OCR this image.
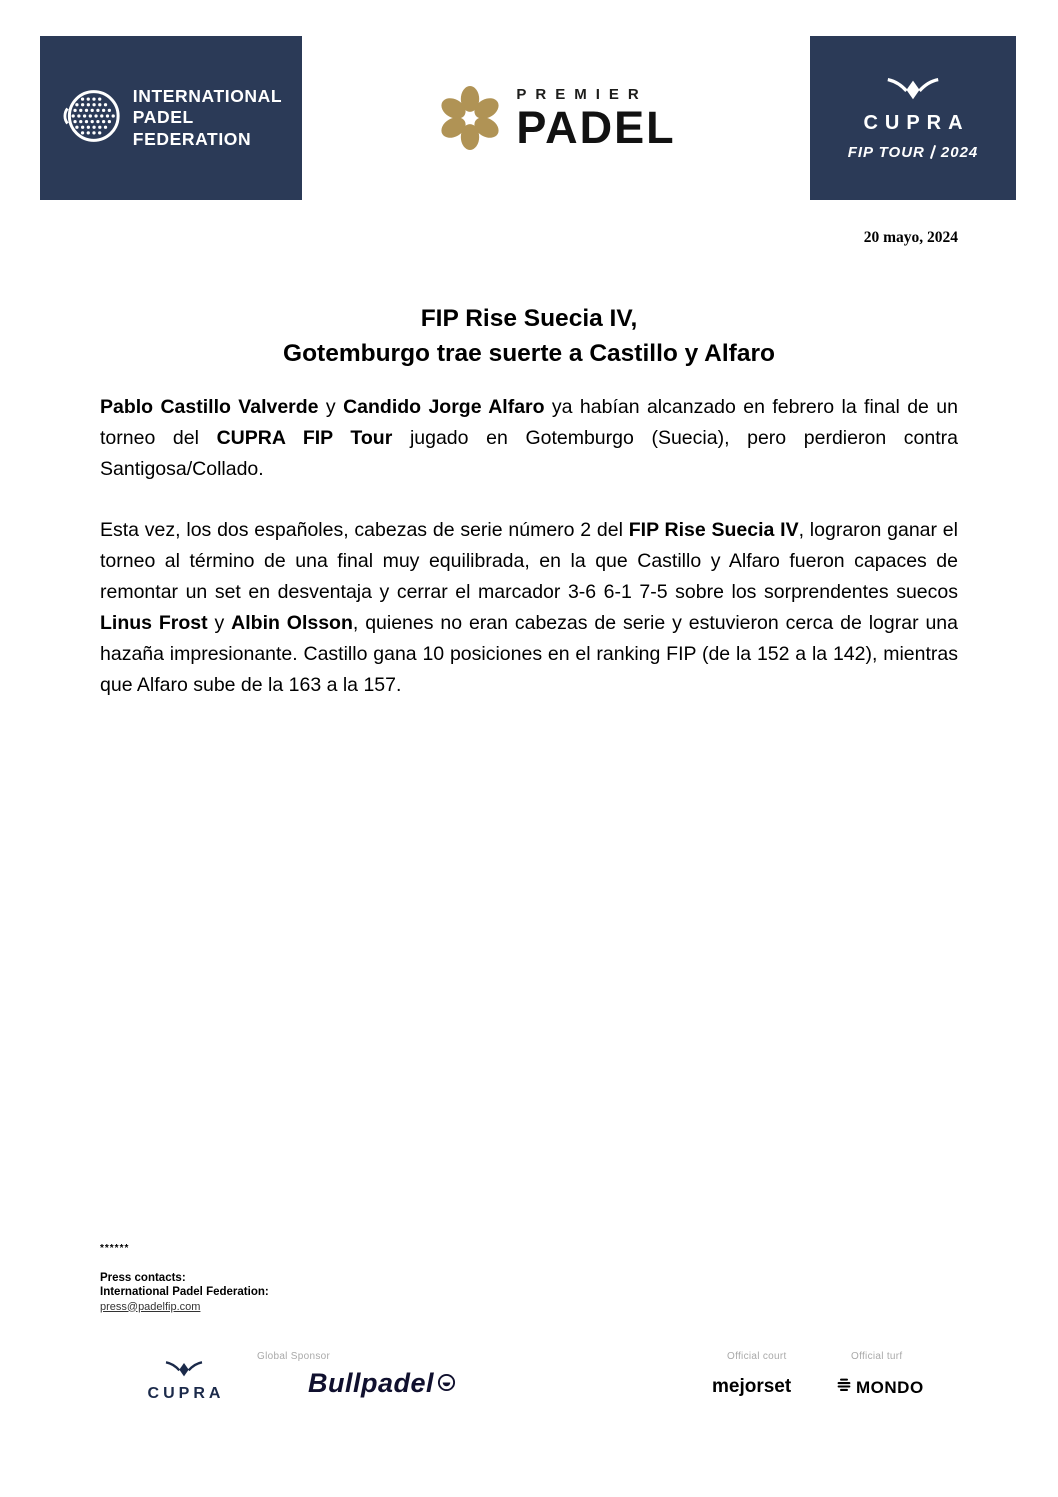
INTERNATIONAL
PADEL
FEDERATION
PREMIER
PADEL	CUPRA
FIP TOUR 2024
20 mayo, 2024
FIP Rise Suecia IV,
Gotemburgo trae suerte a Castillo y Alfaro

Pablo Castillo Valverde y Candido Jorge Alfaro ya habían alcanzado en febrero la final de un torneo del CUPRA FIP Tour jugado en Gotemburgo (Suecia), pero perdieron contra Santigosa/Collado.

Esta vez, los dos españoles, cabezas de serie número 2 del FIP Rise Suecia IV, lograron ganar el torneo al término de una final muy equilibrada, en la que Castillo y Alfaro fueron capaces de remontar un set en desventaja y cerrar el marcador 3-6 6-1 7-5 sobre los sorprendentes suecos Linus Frost y Albin Olsson, quienes no eran cabezas de serie y estuvieron cerca de lograr una hazaña impresionante. Castillo gana 10 posiciones en el ranking FIP (de la 152 a la 142), mientras que Alfaro sube de la 163 a la 157.

******
Press contacts:
International Padel Federation:
press@padelfip.com
CUPRA
Global Sponsor
Bullpadel
Official court
mejorset
Official turf
MONDO
